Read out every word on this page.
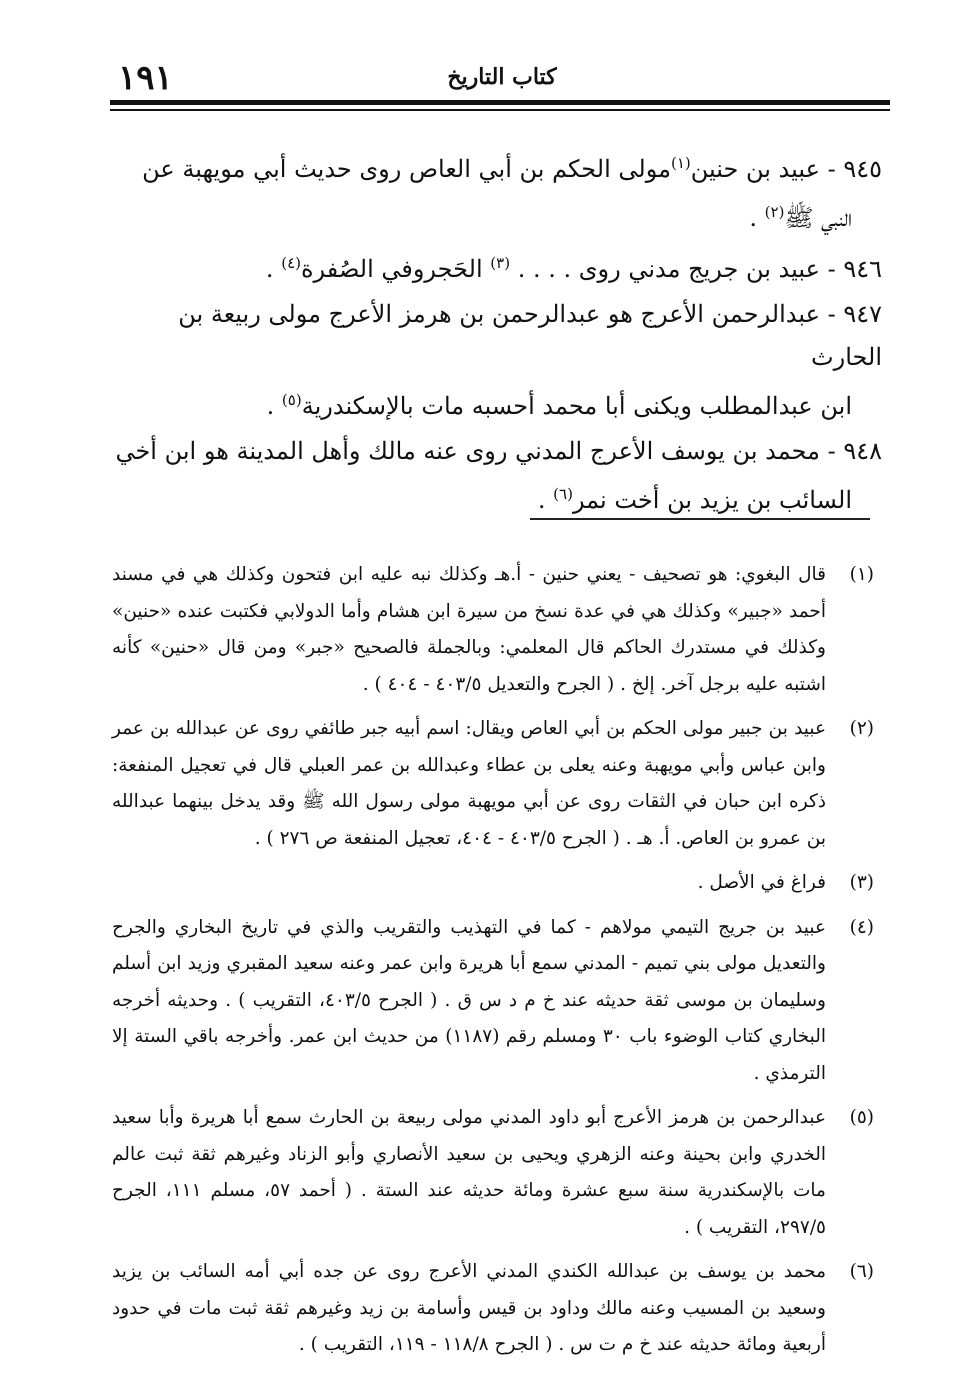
كتاب التاريخ
١٩١
٩٤٥ - عبيد بن حنين$^{(١)}$مولى الحكم بن أبي العاص روى حديث أبي مويهبة عن
النبي ﷺ$^{(٢)}$ .
٩٤٦ - عبيد بن جريج مدني روى . . . . $^{(٣)}$ الحَجروفي الصُفرة$^{(٤)}$ .
٩٤٧ - عبدالرحمن الأعرج هو عبدالرحمن بن هرمز الأعرج مولى ربيعة بن الحارث
ابن عبدالمطلب ويكنى أبا محمد أحسبه مات بالإسكندرية$^{(٥)}$ .
٩٤٨ - محمد بن يوسف الأعرج المدني روى عنه مالك وأهل المدينة هو ابن أخي
السائب بن يزيد بن أخت نمر$^{(٦)}$ .
(١)
قال البغوي: هو تصحيف - يعني حنين - أ.هـ وكذلك نبه عليه ابن فتحون وكذلك هي في مسند أحمد «جبير» وكذلك هي في عدة نسخ من سيرة ابن هشام وأما الدولابي فكتبت عنده «حنين» وكذلك في مستدرك الحاكم قال المعلمي: وبالجملة فالصحيح «جبر» ومن قال «حنين» كأنه اشتبه عليه برجل آخر. إلخ . ( الجرح والتعديل ٤٠٣/٥ - ٤٠٤ ) .
(٢)
عبيد بن جبير مولى الحكم بن أبي العاص ويقال: اسم أبيه جبر طائفي روى عن عبدالله بن عمر وابن عباس وأبي مويهبة وعنه يعلى بن عطاء وعبدالله بن عمر العبلي قال في تعجيل المنفعة: ذكره ابن حبان في الثقات روى عن أبي مويهبة مولى رسول الله ﷺ وقد يدخل بينهما عبدالله بن عمرو بن العاص. أ. هـ . ( الجرح ٤٠٣/٥ - ٤٠٤، تعجيل المنفعة ص ٢٧٦ ) .
(٣)
فراغ في الأصل .
(٤)
عبيد بن جريج التيمي مولاهم - كما في التهذيب والتقريب والذي في تاريخ البخاري والجرح والتعديل مولى بني تميم - المدني سمع أبا هريرة وابن عمر وعنه سعيد المقبري وزيد ابن أسلم وسليمان بن موسى ثقة حديثه عند خ م د س ق . ( الجرح ٤٠٣/٥، التقريب ) . وحديثه أخرجه البخاري كتاب الوضوء باب ٣٠ ومسلم رقم (١١٨٧) من حديث ابن عمر. وأخرجه باقي الستة إلا الترمذي .
(٥)
عبدالرحمن بن هرمز الأعرج أبو داود المدني مولى ربيعة بن الحارث سمع أبا هريرة وأبا سعيد الخدري وابن بحينة وعنه الزهري ويحيى بن سعيد الأنصاري وأبو الزناد وغيرهم ثقة ثبت عالم مات بالإسكندرية سنة سبع عشرة ومائة حديثه عند الستة . ( أحمد ٥٧، مسلم ١١١، الجرح ٢٩٧/٥، التقريب ) .
(٦)
محمد بن يوسف بن عبدالله الكندي المدني الأعرج روى عن جده أبي أمه السائب بن يزيد وسعيد بن المسيب وعنه مالك وداود بن قيس وأسامة بن زيد وغيرهم ثقة ثبت مات في حدود أربعية ومائة حديثه عند خ م ت س . ( الجرح ١١٨/٨ - ١١٩، التقريب ) .
